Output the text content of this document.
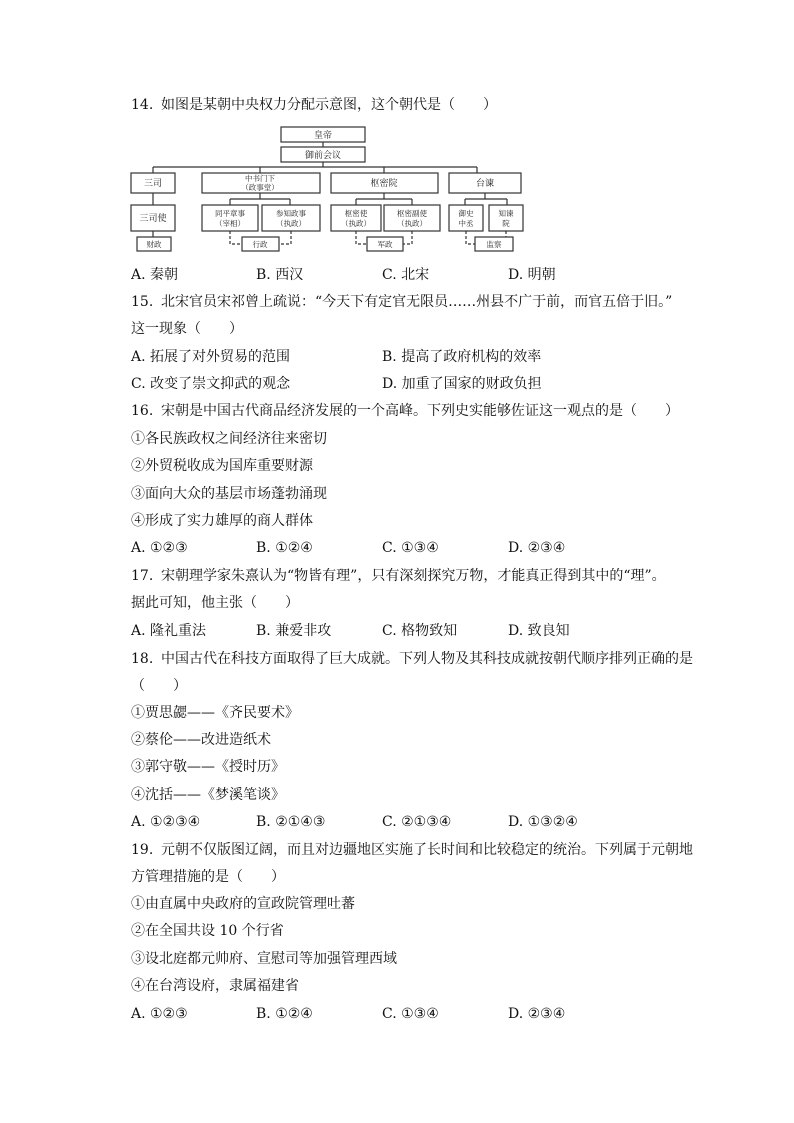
14. 如图是某朝中央权力分配示意图，这个朝代是（　　）
皇帝
御前会议
三司
中书门下
（政事堂）	枢密院	台谏
三司使
同平章事
（宰相）
参知政事
（执政）
枢密使
（执政）
枢密副使
（执政）
御史
中丞
知谏
院
财政	行政	军政	监察
A. 秦朝	B. 西汉	C. 北宋	D. 明朝
15. 北宋官员宋祁曾上疏说：“今天下有定官无限员……州县不广于前，而官五倍于旧。”
这一现象（　　）
A. 拓展了对外贸易的范围	B. 提高了政府机构的效率
C. 改变了崇文抑武的观念	D. 加重了国家的财政负担
16. 宋朝是中国古代商品经济发展的一个高峰。下列史实能够佐证这一观点的是（　　）
①各民族政权之间经济往来密切
②外贸税收成为国库重要财源
③面向大众的基层市场蓬勃涌现
④形成了实力雄厚的商人群体
A. ①②③	B. ①②④	C. ①③④	D. ②③④
17. 宋朝理学家朱熹认为“物皆有理”，只有深刻探究万物，才能真正得到其中的“理”。
据此可知，他主张（　　）
A. 隆礼重法	B. 兼爱非攻	C. 格物致知	D. 致良知
18. 中国古代在科技方面取得了巨大成就。下列人物及其科技成就按朝代顺序排列正确的是
（　　）
①贾思勰——《齐民要术》
②蔡伦——改进造纸术
③郭守敬——《授时历》
④沈括——《梦溪笔谈》
A. ①②③④	B. ②①④③	C. ②①③④	D. ①③②④
19. 元朝不仅版图辽阔，而且对边疆地区实施了长时间和比较稳定的统治。下列属于元朝地
方管理措施的是（　　）
①由直属中央政府的宣政院管理吐蕃
②在全国共设 10 个行省
③设北庭都元帅府、宣慰司等加强管理西域
④在台湾设府，隶属福建省
A. ①②③	B. ①②④	C. ①③④	D. ②③④
